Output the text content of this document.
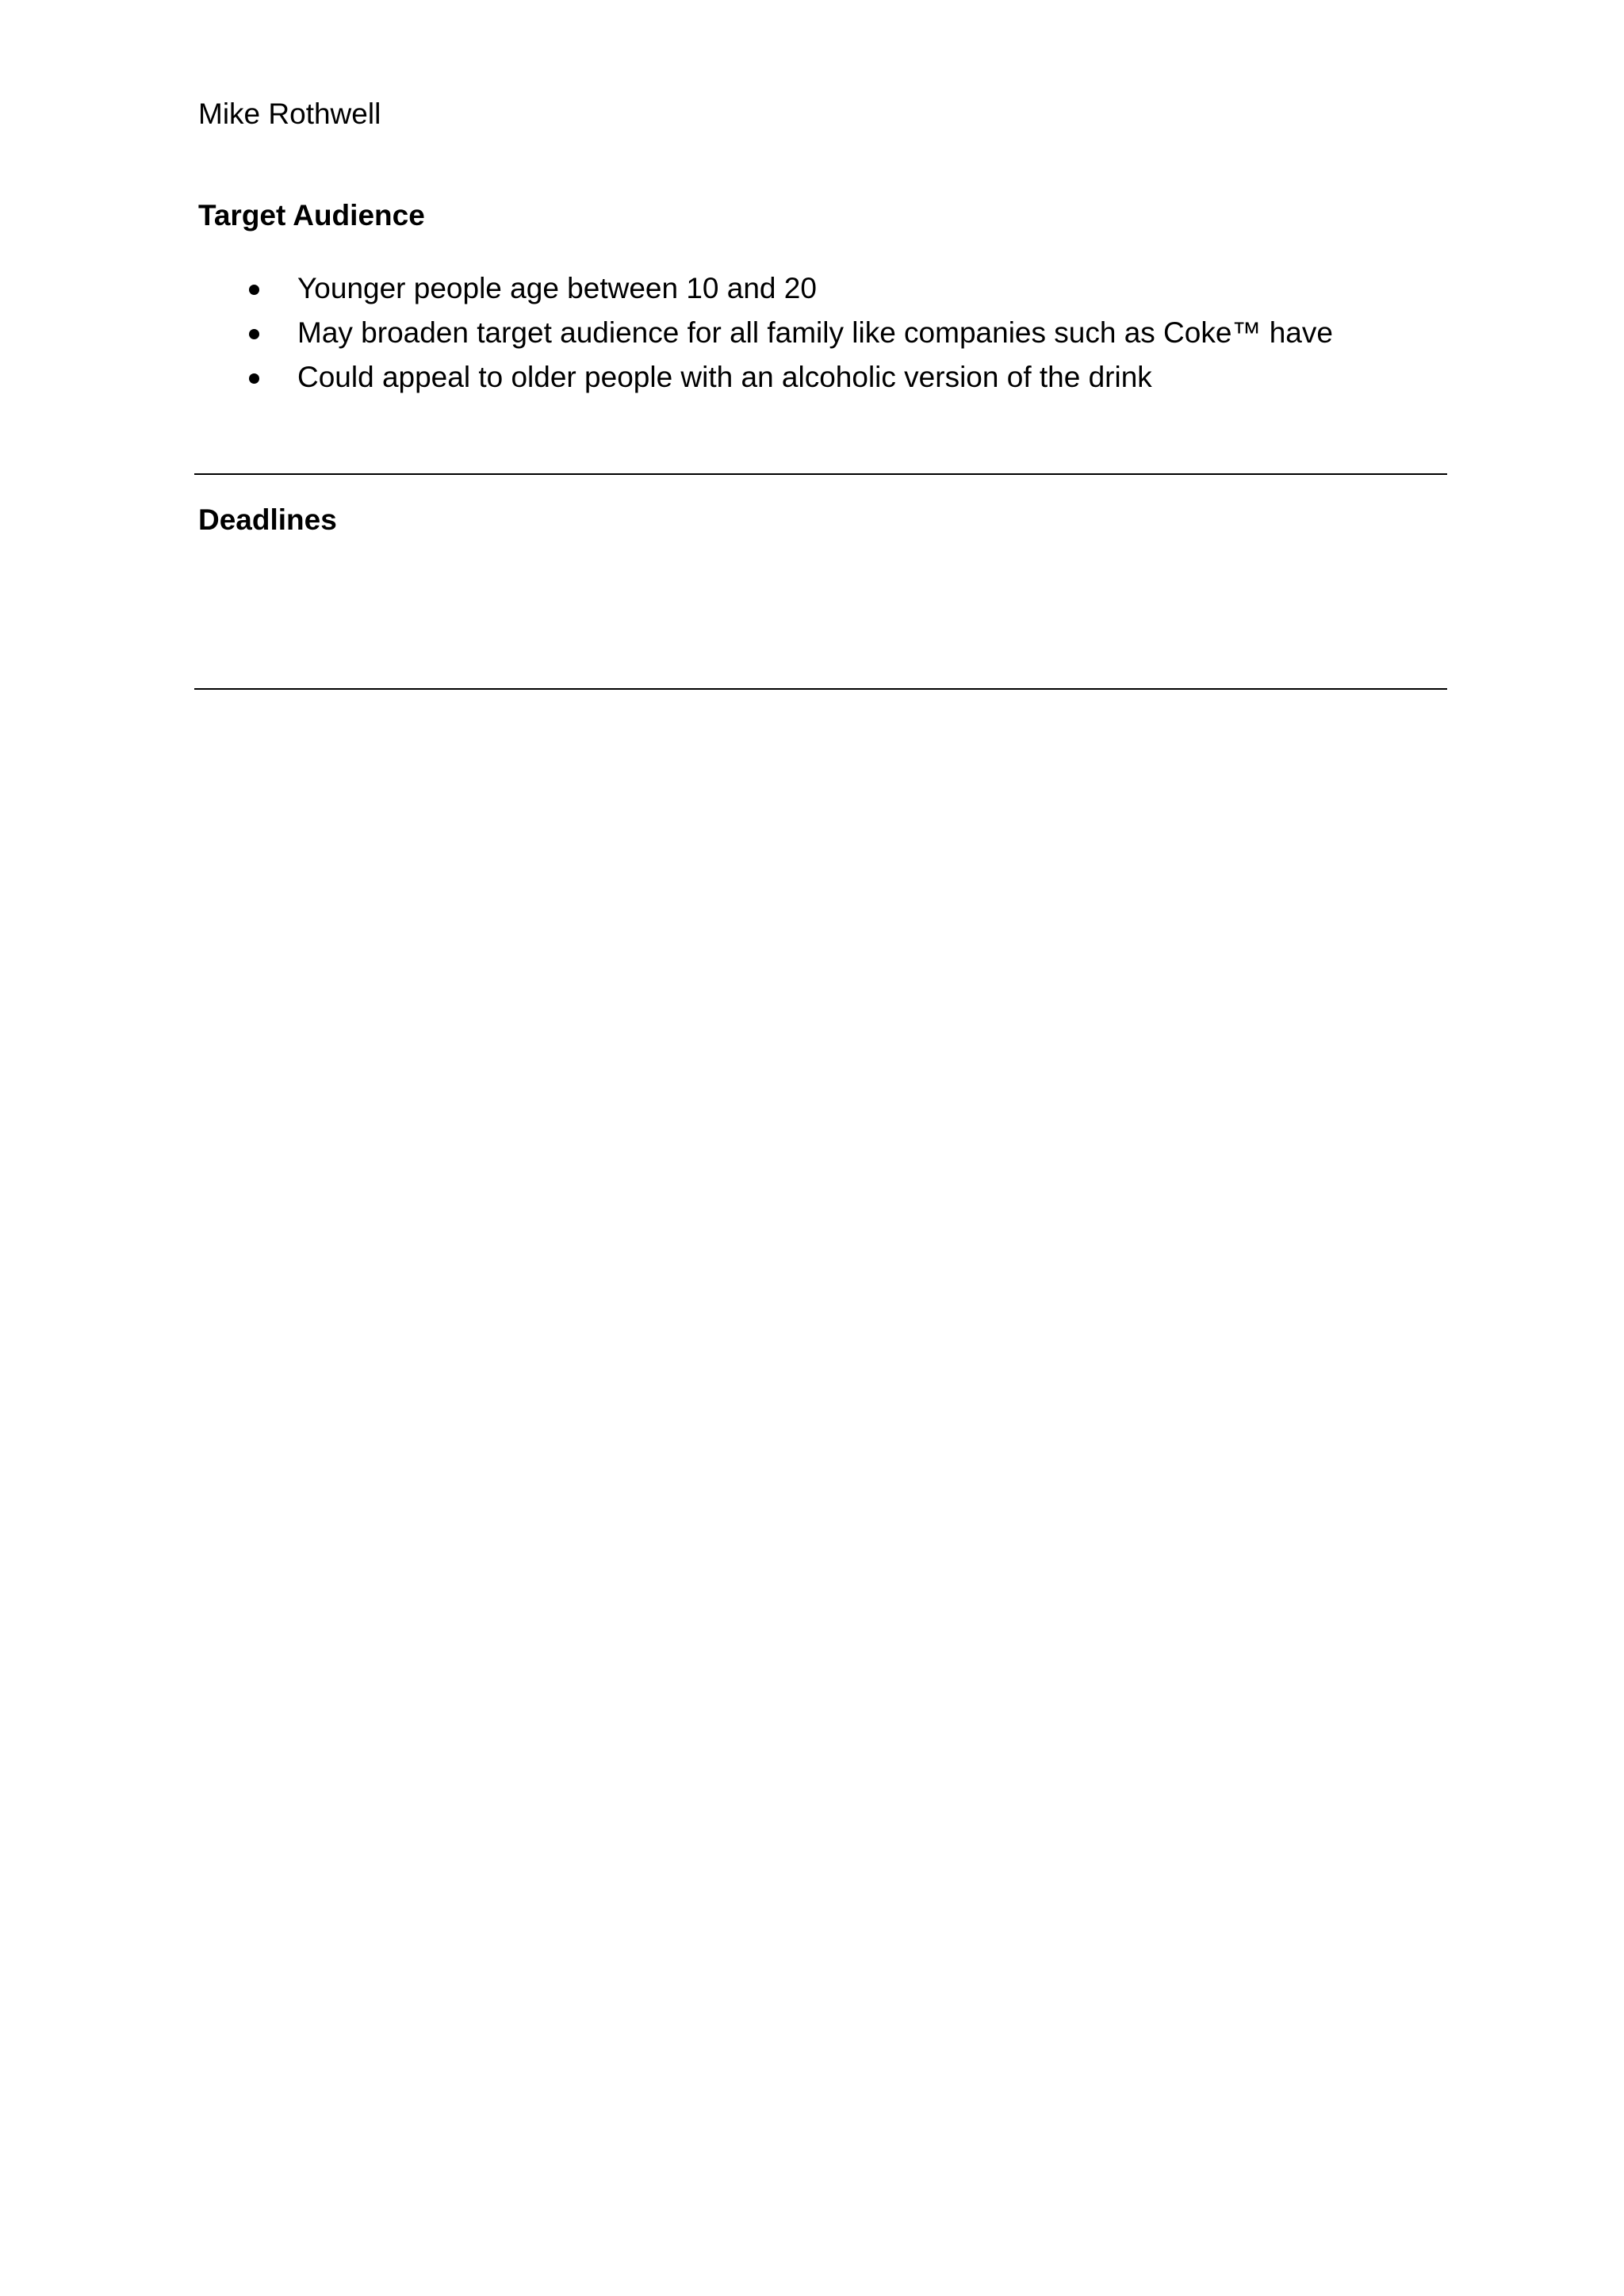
Mike Rothwell
Target Audience
Younger people age between 10 and 20
May broaden target audience for all family like companies such as Coke™ have
Could appeal to older people with an alcoholic version of the drink
Deadlines
